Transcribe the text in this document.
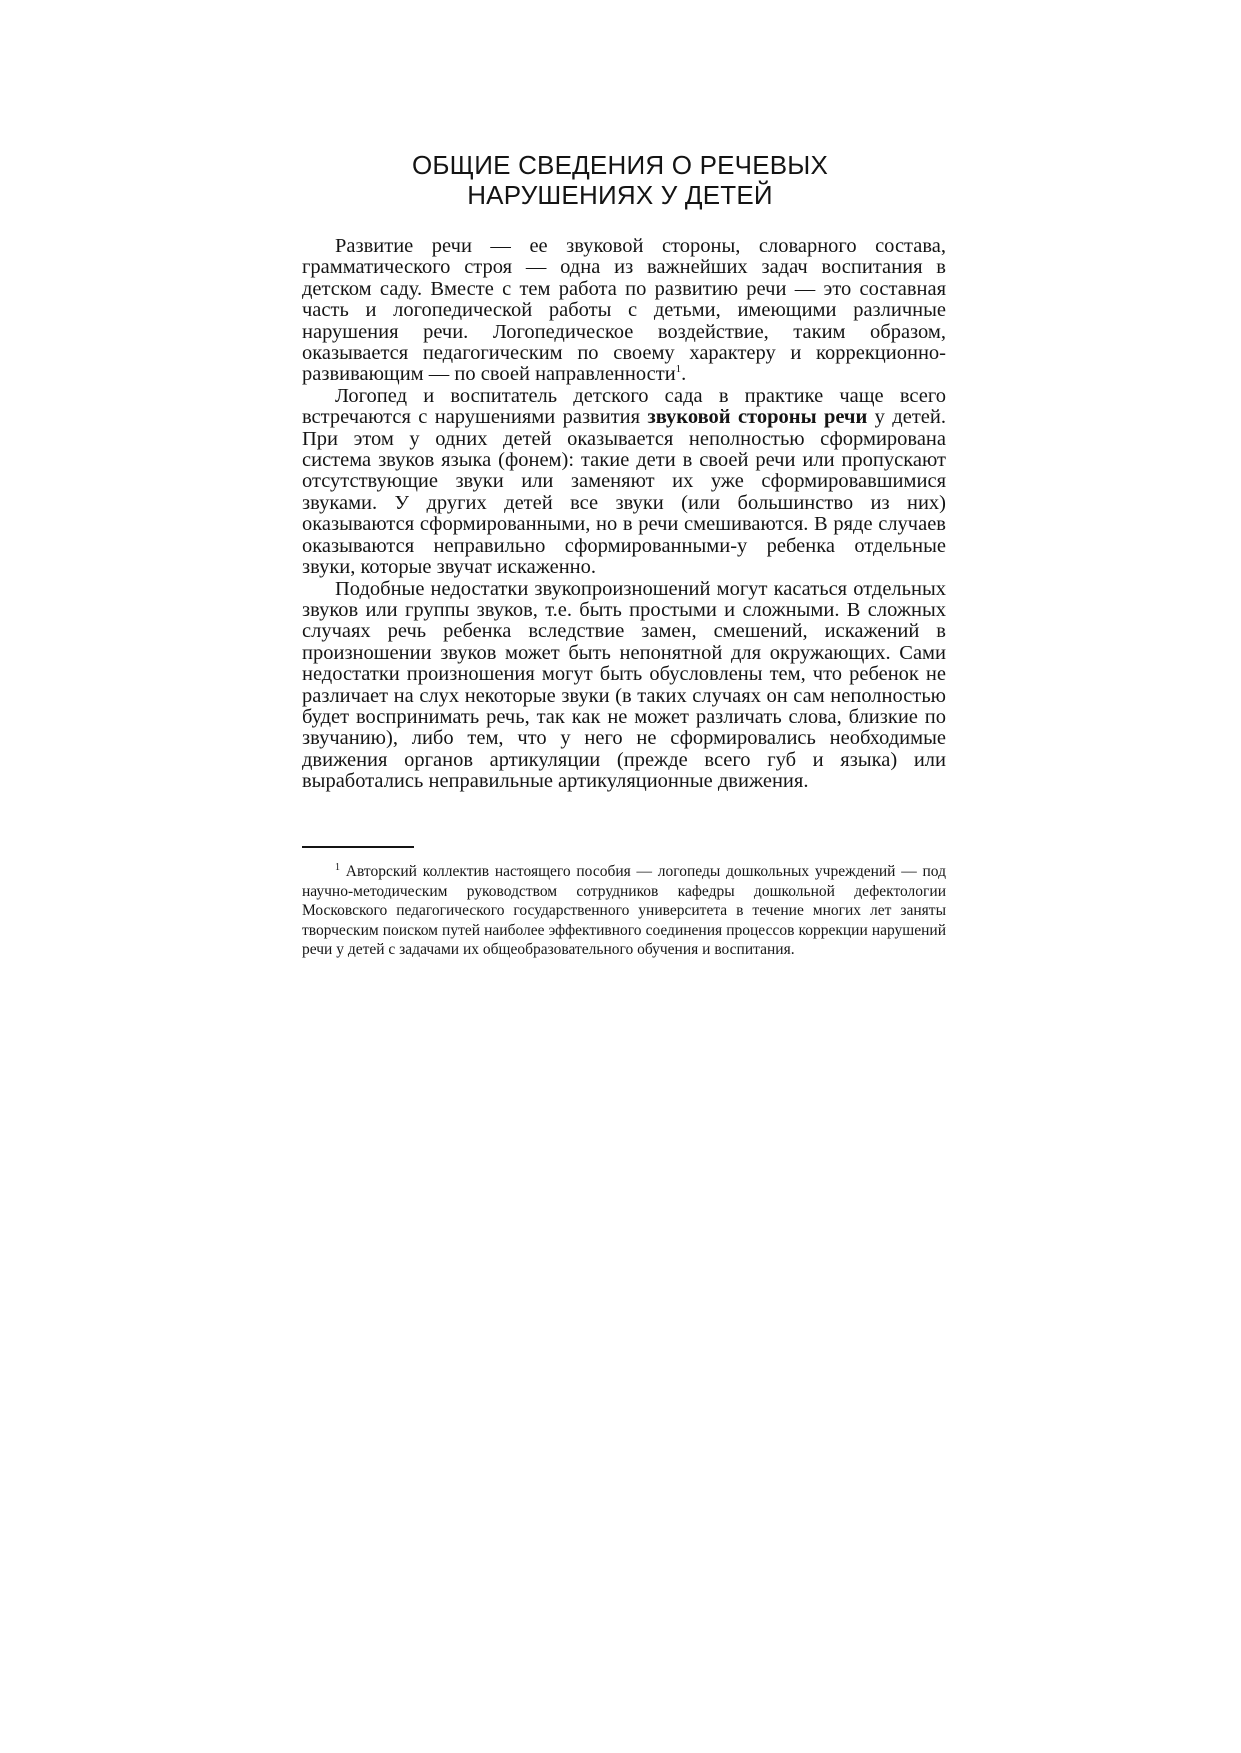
ОБЩИЕ СВЕДЕНИЯ О РЕЧЕВЫХ
НАРУШЕНИЯХ У ДЕТЕЙ

Развитие речи — ее звуковой стороны, словарного состава, грамматического строя — одна из важнейших задач воспитания в детском саду. Вместе с тем работа по развитию речи — это составная часть и логопедической работы с детьми, имеющими различные нарушения речи. Логопедическое воздействие, таким образом, оказывается педагогическим по своему характеру и коррекционно-развивающим — по своей направленности$^1$.

Логопед и воспитатель детского сада в практике чаще всего встречаются с нарушениями развития звуковой стороны речи у детей. При этом у одних детей оказывается неполностью сформирована система звуков языка (фонем): такие дети в своей речи или пропускают отсутствующие звуки или заменяют их уже сформировавшимися звуками. У других детей все звуки (или большинство из них) оказываются сформированными, но в речи смешиваются. В ряде случаев оказываются неправильно сформированными-у ребенка отдельные звуки, которые звучат искаженно.

Подобные недостатки звукопроизношений могут касаться отдельных звуков или группы звуков, т.е. быть простыми и сложными. В сложных случаях речь ребенка вследствие замен, смешений, искажений в произношении звуков может быть непонятной для окружающих. Сами недостатки произношения могут быть обусловлены тем, что ребенок не различает на слух некоторые звуки (в таких случаях он сам неполностью будет воспринимать речь, так как не может различать слова, близкие по звучанию), либо тем, что у него не сформировались необходимые движения органов артикуляции (прежде всего губ и языка) или выработались неправильные артикуляционные движения.

$^1$ Авторский коллектив настоящего пособия — логопеды дошкольных учреждений — под научно-методическим руководством сотрудников кафедры дошкольной дефектологии Московского педагогического государственного университета в течение многих лет заняты творческим поиском путей наиболее эффективного соединения процессов коррекции нарушений речи у детей с задачами их общеобразовательного обучения и воспитания.
